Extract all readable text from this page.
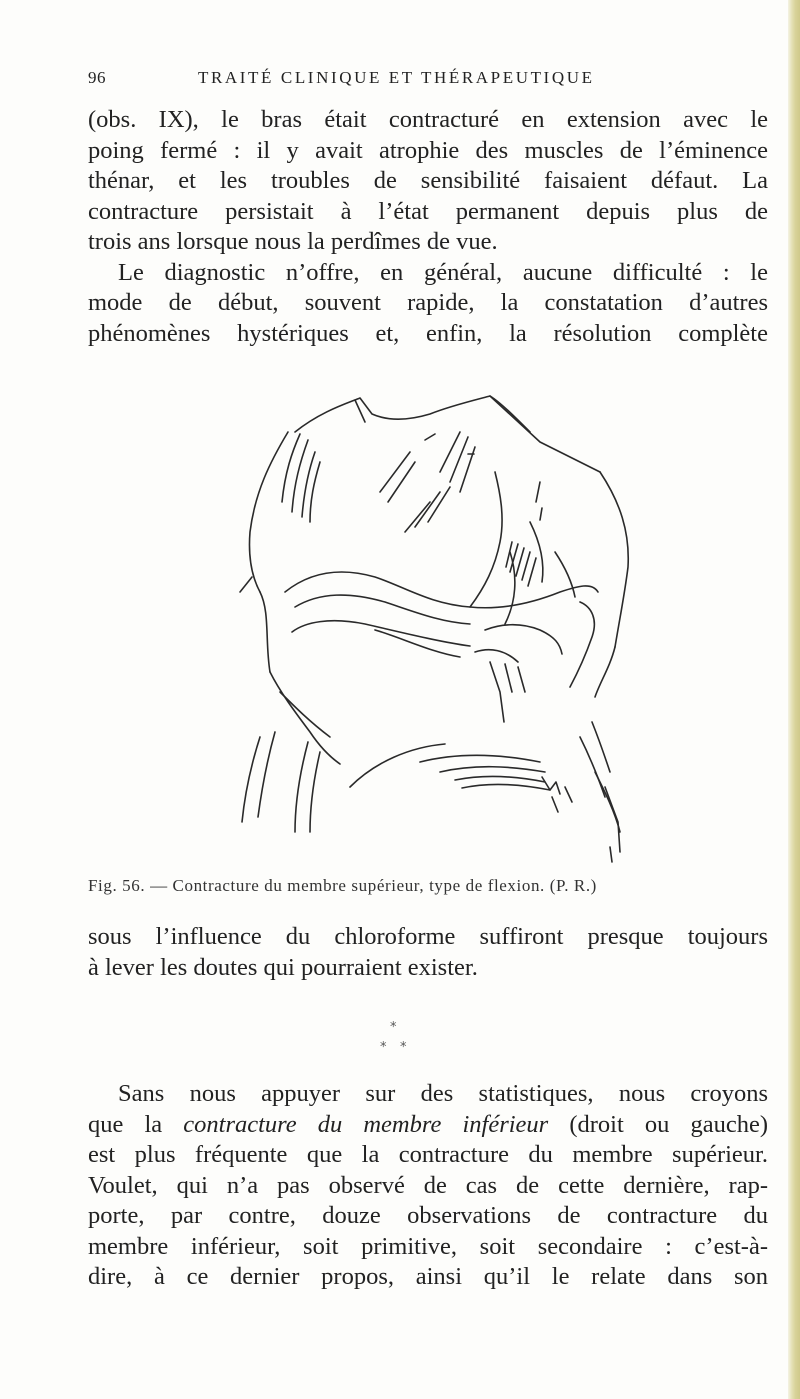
96	TRAITÉ CLINIQUE ET THÉRAPEUTIQUE

(obs. IX), le bras était contracturé en extension avec le

poing fermé : il y avait atrophie des muscles de l’éminence

thénar, et les troubles de sensibilité faisaient défaut. La

contracture persistait à l’état permanent depuis plus de

trois ans lorsque nous la perdîmes de vue.

Le diagnostic n’offre, en général, aucune difficulté : le

mode de début, souvent rapide, la constatation d’autres

phénomènes hystériques et, enfin, la résolution complète

Fig. 56. — Contracture du membre supérieur, type de flexion. (P. R.)

sous l’influence du chloroforme suffiront presque toujours

à lever les doutes qui pourraient exister.

*
* *

Sans nous appuyer sur des statistiques, nous croyons

que la contracture du membre inférieur (droit ou gauche)

est plus fréquente que la contracture du membre supérieur.

Voulet, qui n’a pas observé de cas de cette dernière, rap-

porte, par contre, douze observations de contracture du

membre inférieur, soit primitive, soit secondaire : c’est-à-

dire, à ce dernier propos, ainsi qu’il le relate dans son
